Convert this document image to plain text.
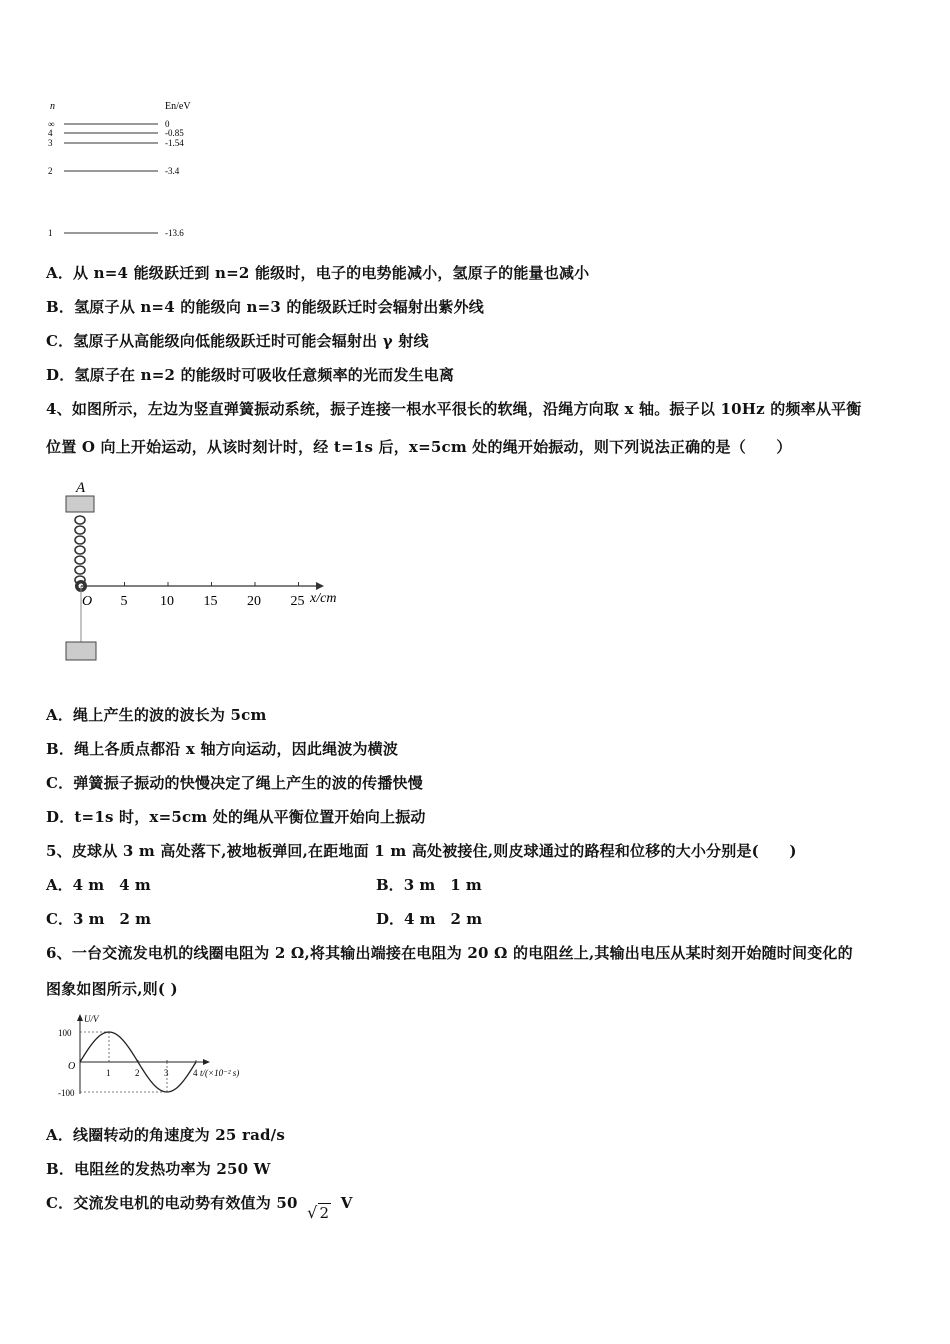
n	En/eV
∞	0
4	-0.85
3	-1.54
2	-3.4
1	-13.6
A．从 n=4 能级跃迁到 n=2 能级时，电子的电势能减小，氢原子的能量也减小
B．氢原子从 n=4 的能级向 n=3 的能级跃迁时会辐射出紫外线
C．氢原子从高能级向低能级跃迁时可能会辐射出 γ 射线
D．氢原子在 n=2 的能级时可吸收任意频率的光而发生电离
4、如图所示，左边为竖直弹簧振动系统，振子连接一根水平很长的软绳，沿绳方向取 x 轴。振子以 10Hz 的频率从平衡
位置 O 向上开始运动，从该时刻计时，经 t=1s 后，x=5cm 处的绳开始振动，则下列说法正确的是（　　）
A
O 5 10 15 20 25 x/cm
A．绳上产生的波的波长为 5cm
B．绳上各质点都沿 x 轴方向运动，因此绳波为横波
C．弹簧振子振动的快慢决定了绳上产生的波的传播快慢
D．t=1s 时，x=5cm 处的绳从平衡位置开始向上振动
5、皮球从 3 m 高处落下,被地板弹回,在距地面 1 m 高处被接住,则皮球通过的路程和位移的大小分别是(　　)
A．4 m　4 m	B．3 m　1 m
C．3 m　2 m	D．4 m　2 m
6、一台交流发电机的线圈电阻为 2 Ω,将其输出端接在电阻为 20 Ω 的电阻丝上,其输出电压从某时刻开始随时间变化的
图象如图所示,则( )
U/V
O
t/(×10⁻² s)
100
-100
1	2	3	4
A．线圈转动的角速度为 25 rad/s
B．电阻丝的发热功率为 250 W
C．交流发电机的电动势有效值为 50 √ 2 V
